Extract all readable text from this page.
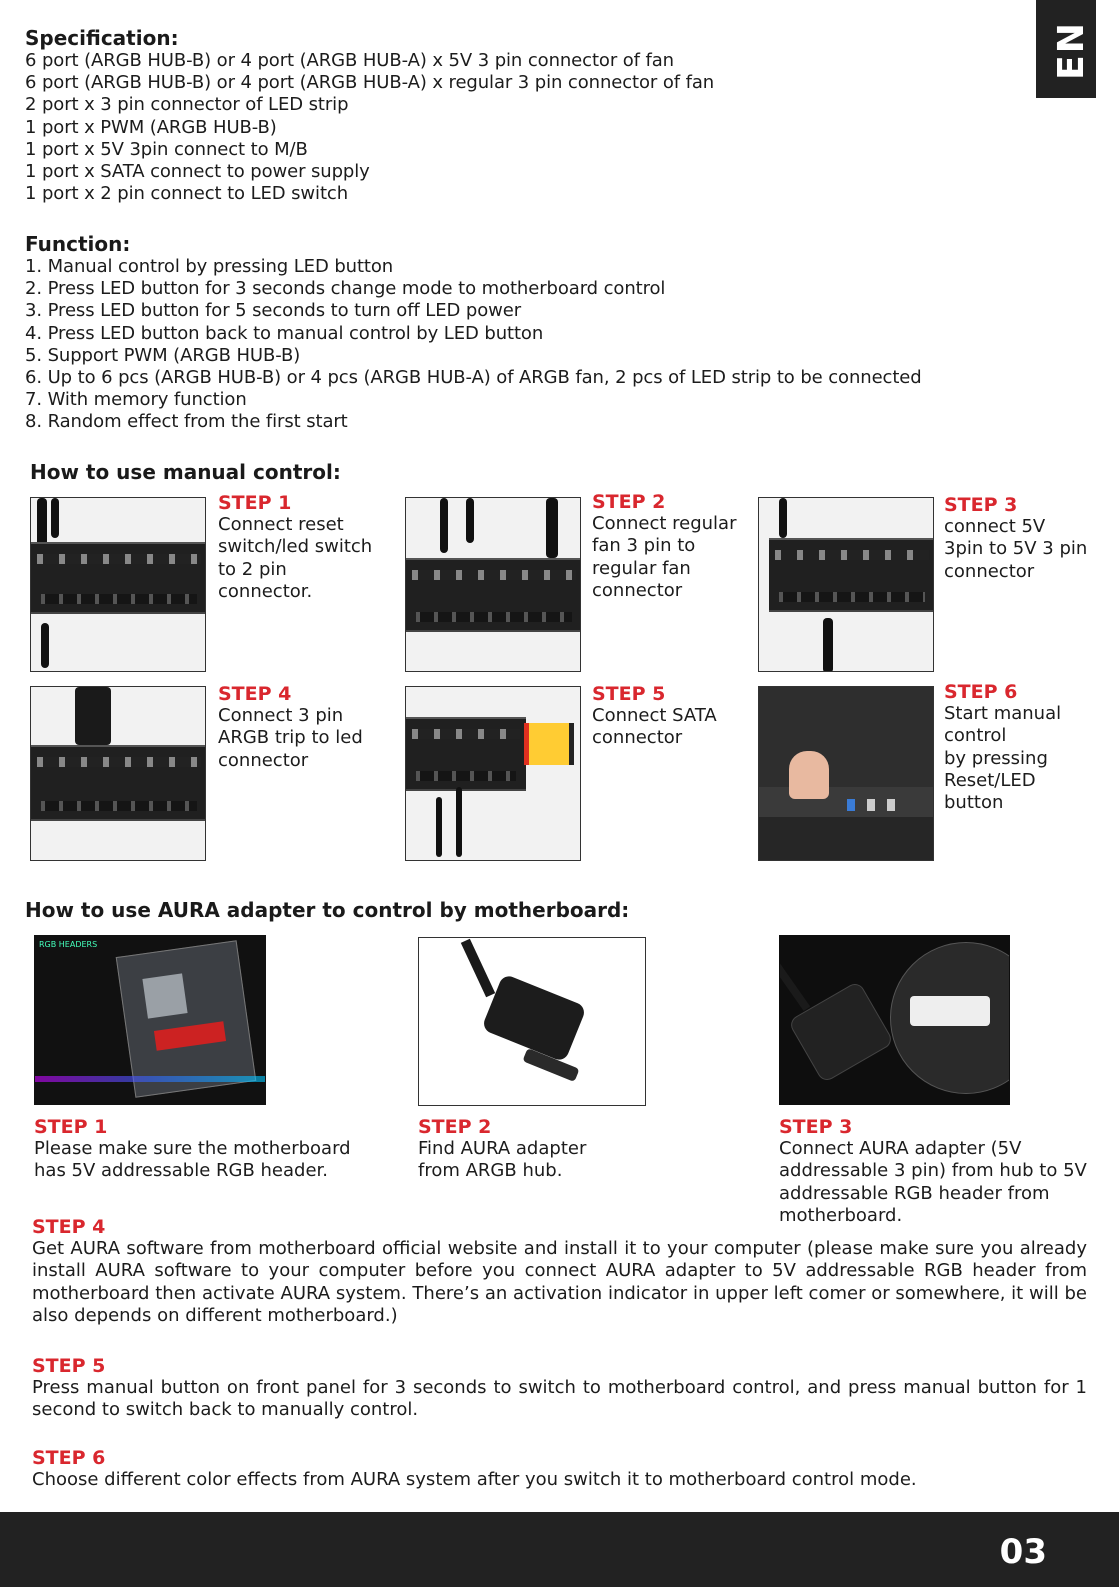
EN
Specification:
6 port (ARGB HUB-B) or 4 port (ARGB HUB-A) x 5V 3 pin connector of fan
6 port (ARGB HUB-B) or 4 port (ARGB HUB-A) x regular 3 pin connector of fan
2 port x 3 pin connector of LED strip
1 port x PWM (ARGB HUB-B)
1 port x 5V 3pin connect to M/B
1 port x SATA connect to power supply
1 port x 2 pin connect to LED switch
Function:
1. Manual control by pressing LED button
2. Press LED button for 3 seconds change mode to motherboard control
3. Press LED button for 5 seconds to turn off LED power
4. Press LED button back to manual control by LED button
5. Support PWM (ARGB HUB-B)
6. Up to 6 pcs (ARGB HUB-B) or 4 pcs (ARGB HUB-A) of ARGB fan, 2 pcs of LED strip to be connected
7. With memory function
8. Random effect from the first start
How to use manual control:
STEP 1
Connect reset
switch/led switch
to 2 pin
connector.
STEP 2
Connect regular
fan 3 pin to
regular fan
connector
STEP 3
connect 5V
3pin to 5V 3 pin
connector
STEP 4
Connect 3 pin
ARGB trip to led
connector
STEP 5
Connect SATA
connector
STEP 6
Start manual
control
by pressing
Reset/LED
button
How to use AURA adapter to control by motherboard:
RGB HEADERS
STEP 1
Please make sure the motherboard
has 5V addressable RGB header.
STEP 2
Find AURA adapter
from ARGB hub.
STEP 3
Connect AURA adapter (5V
addressable 3 pin) from hub to 5V
addressable RGB header from
motherboard.
STEP 4
Get AURA software from motherboard official website and install it to your computer (please make sure you already install AURA software to your computer before you connect AURA adapter to 5V addressable RGB header from motherboard then activate AURA system. There’s an activation indicator in upper left comer or somewhere, it will be also depends on different motherboard.)
STEP 5
Press manual button on front panel for 3 seconds to switch to motherboard control, and press manual button for 1 second to switch back to manually control.
STEP 6
Choose different color effects from AURA system after you switch it to motherboard control mode.
03
